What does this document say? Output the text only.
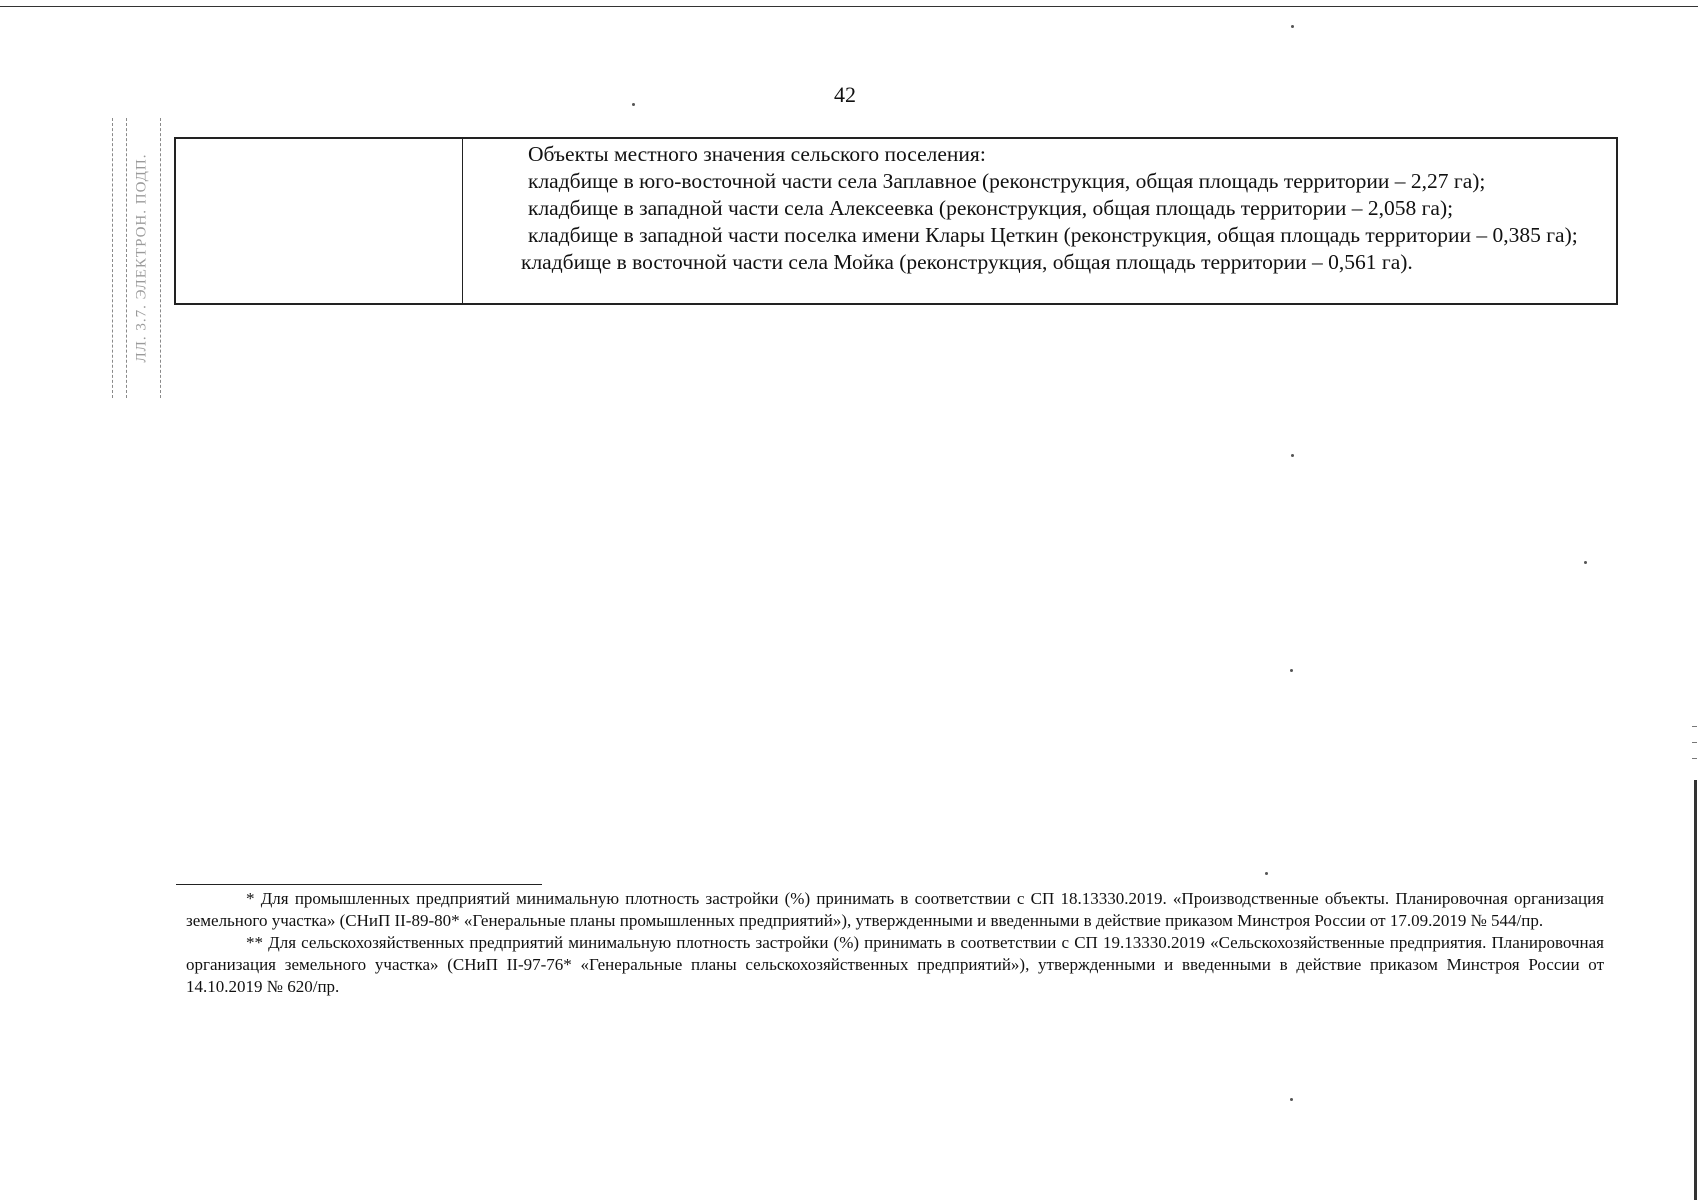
42
ЛЛ. 3.7. ЭЛЕКТРОН. ПОДП.	Объекты местного значения сельского поселения:

кладбище в юго-восточной части села Заплавное (реконструкция, общая площадь территории – 2,27 га);

кладбище в западной части села Алексеевка (реконструкция, общая площадь территории – 2,058 га);

кладбище в западной части поселка имени Клары Цеткин (реконструкция, общая площадь территории – 0,385 га);

кладбище в восточной части села Мойка (реконструкция, общая площадь территории – 0,561 га).

* Для промышленных предприятий минимальную плотность застройки (%) принимать в соответствии с СП 18.13330.2019. «Производственные объекты. Планировочная организация земельного участка» (СНиП II-89-80* «Генеральные планы промышленных предприятий»), утвержденными и введенными в действие приказом Минстроя России от 17.09.2019 № 544/пр.

** Для сельскохозяйственных предприятий минимальную плотность застройки (%) принимать в соответствии с СП 19.13330.2019 «Сельскохозяйственные предприятия. Планировочная организация земельного участка» (СНиП II-97-76* «Генеральные планы сельскохозяйственных предприятий»), утвержденными и введенными в действие приказом Минстроя России от 14.10.2019 № 620/пр.
